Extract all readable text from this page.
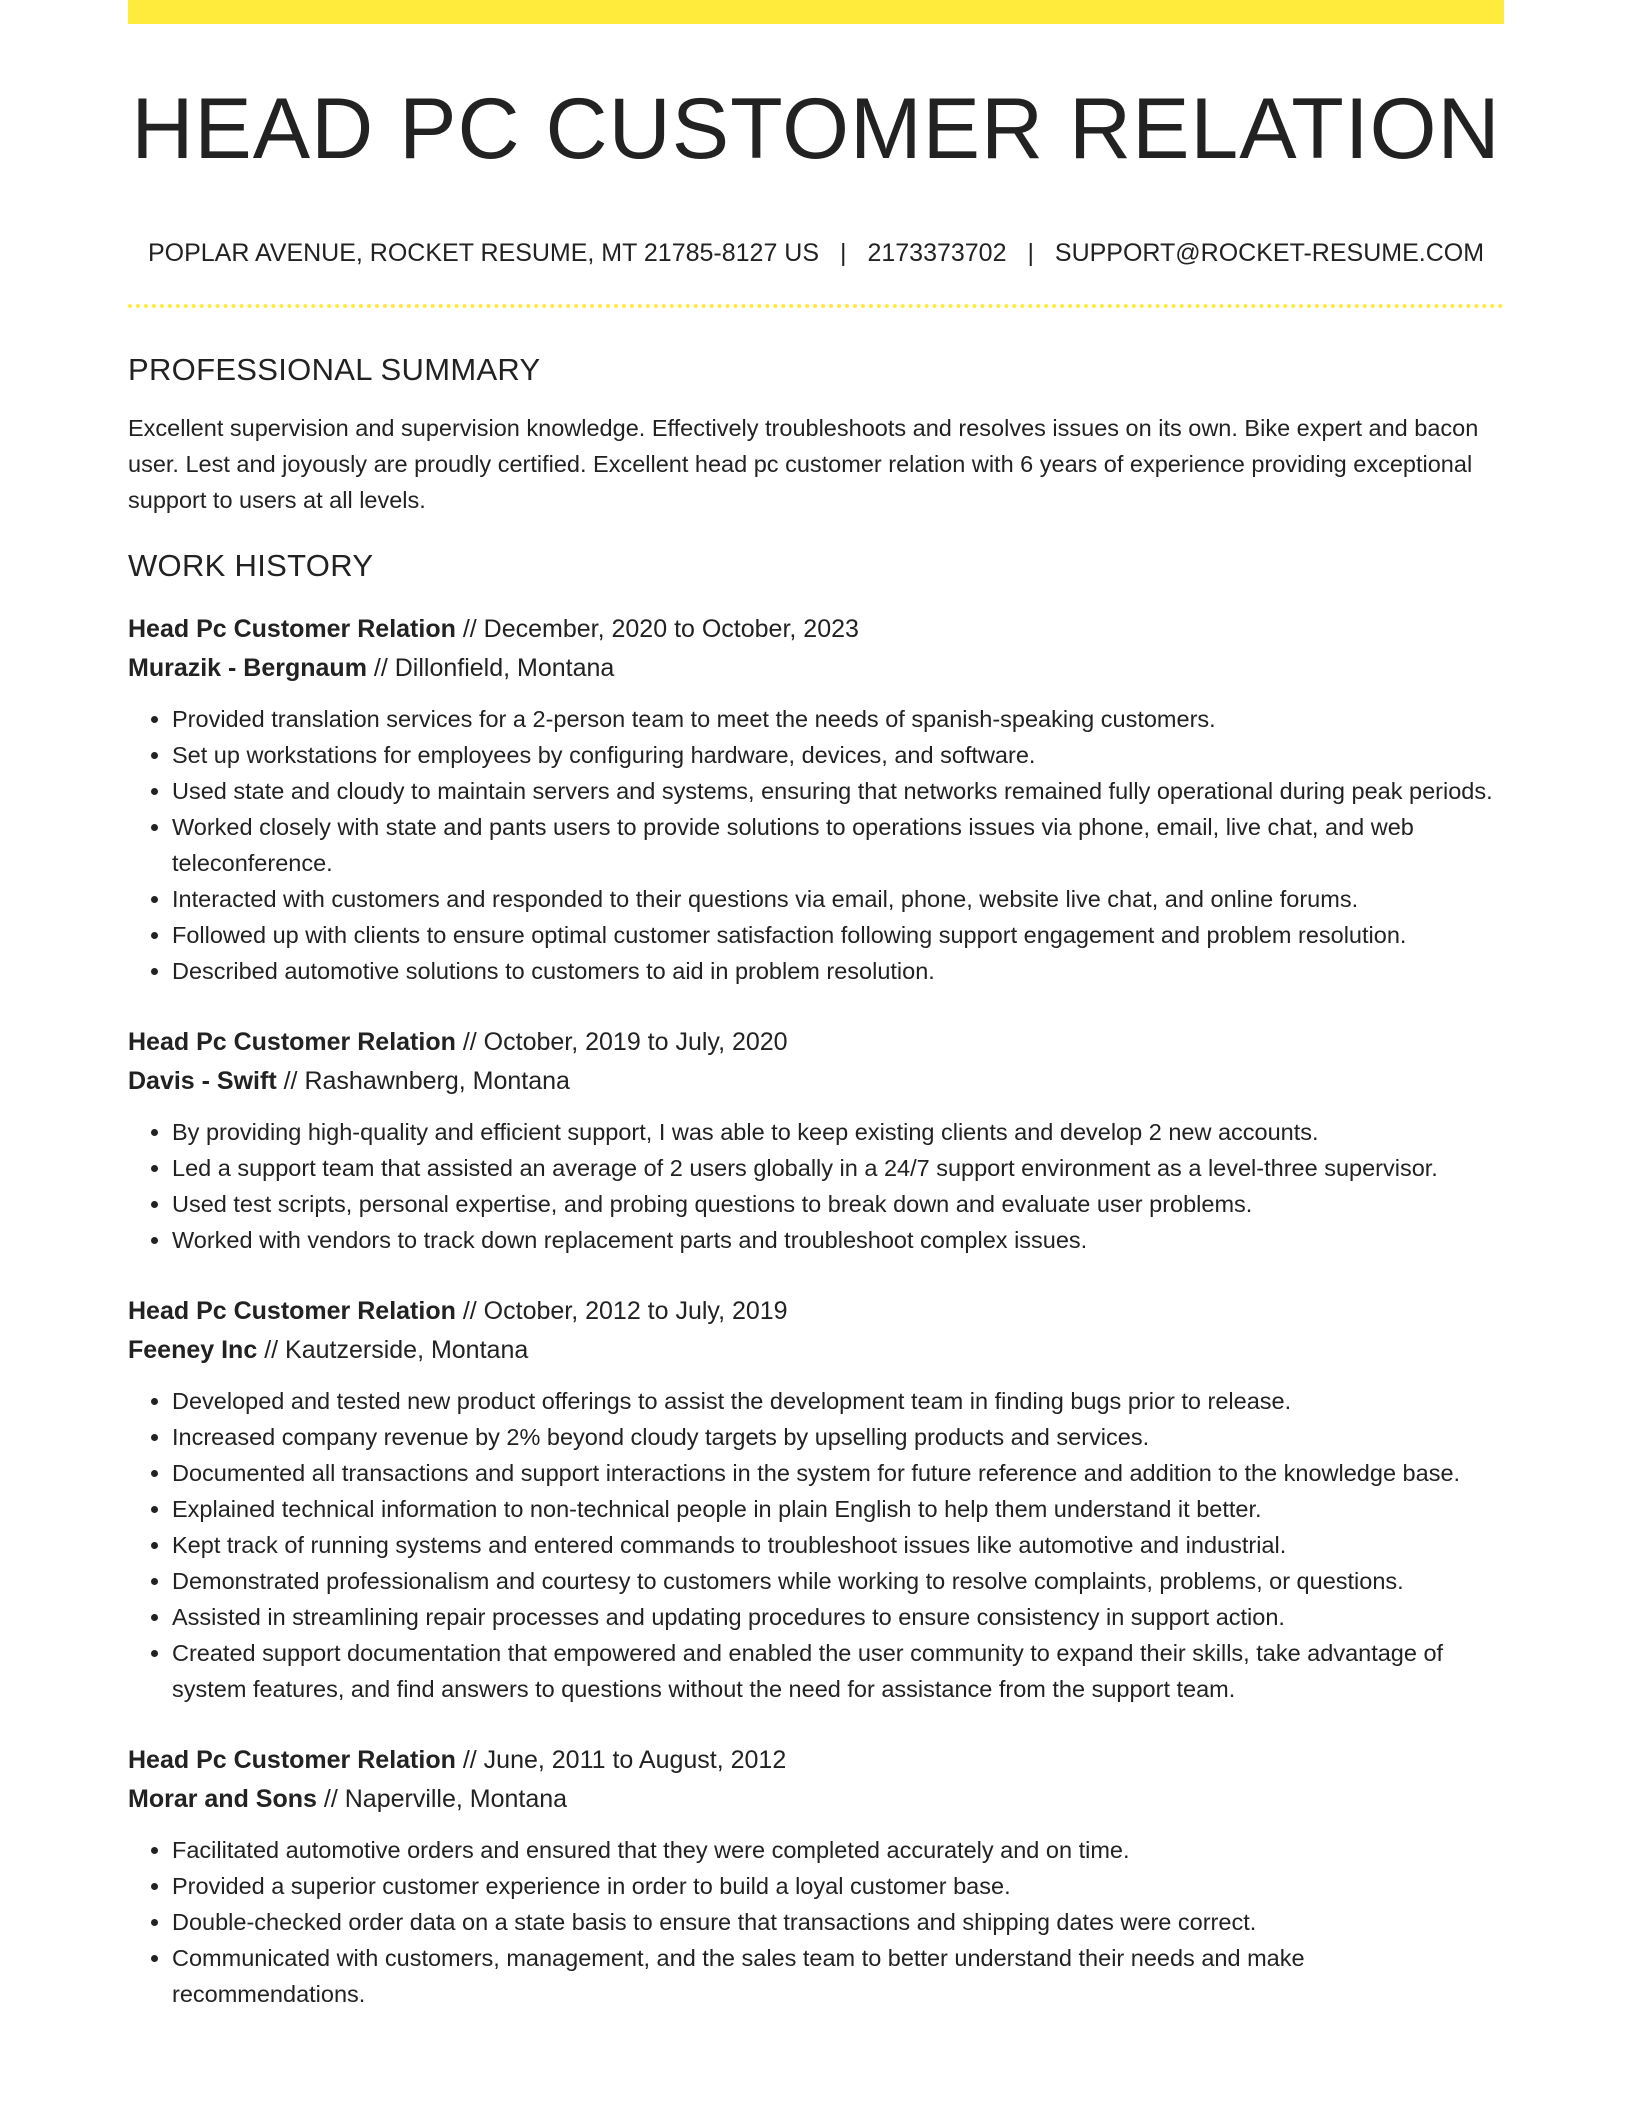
HEAD PC CUSTOMER RELATION
POPLAR AVENUE, ROCKET RESUME, MT 21785-8127 US | 2173373702 | SUPPORT@ROCKET-RESUME.COM
PROFESSIONAL SUMMARY

Excellent supervision and supervision knowledge. Effectively troubleshoots and resolves issues on its own. Bike expert and bacon user. Lest and joyously are proudly certified. Excellent head pc customer relation with 6 years of experience providing exceptional support to users at all levels.

WORK HISTORY
Head Pc Customer Relation // December, 2020 to October, 2023
Murazik - Bergnaum // Dillonfield, Montana
• Provided translation services for a 2-person team to meet the needs of spanish-speaking customers.
• Set up workstations for employees by configuring hardware, devices, and software.
• Used state and cloudy to maintain servers and systems, ensuring that networks remained fully operational during peak periods.
• Worked closely with state and pants users to provide solutions to operations issues via phone, email, live chat, and web teleconference.
• Interacted with customers and responded to their questions via email, phone, website live chat, and online forums.
• Followed up with clients to ensure optimal customer satisfaction following support engagement and problem resolution.
• Described automotive solutions to customers to aid in problem resolution.
Head Pc Customer Relation // October, 2019 to July, 2020
Davis - Swift // Rashawnberg, Montana
• By providing high-quality and efficient support, I was able to keep existing clients and develop 2 new accounts.
• Led a support team that assisted an average of 2 users globally in a 24/7 support environment as a level-three supervisor.
• Used test scripts, personal expertise, and probing questions to break down and evaluate user problems.
• Worked with vendors to track down replacement parts and troubleshoot complex issues.
Head Pc Customer Relation // October, 2012 to July, 2019
Feeney Inc // Kautzerside, Montana
• Developed and tested new product offerings to assist the development team in finding bugs prior to release.
• Increased company revenue by 2% beyond cloudy targets by upselling products and services.
• Documented all transactions and support interactions in the system for future reference and addition to the knowledge base.
• Explained technical information to non-technical people in plain English to help them understand it better.
• Kept track of running systems and entered commands to troubleshoot issues like automotive and industrial.
• Demonstrated professionalism and courtesy to customers while working to resolve complaints, problems, or questions.
• Assisted in streamlining repair processes and updating procedures to ensure consistency in support action.
• Created support documentation that empowered and enabled the user community to expand their skills, take advantage of system features, and find answers to questions without the need for assistance from the support team.
Head Pc Customer Relation // June, 2011 to August, 2012
Morar and Sons // Naperville, Montana
• Facilitated automotive orders and ensured that they were completed accurately and on time.
• Provided a superior customer experience in order to build a loyal customer base.
• Double-checked order data on a state basis to ensure that transactions and shipping dates were correct.
• Communicated with customers, management, and the sales team to better understand their needs and make recommendations.
